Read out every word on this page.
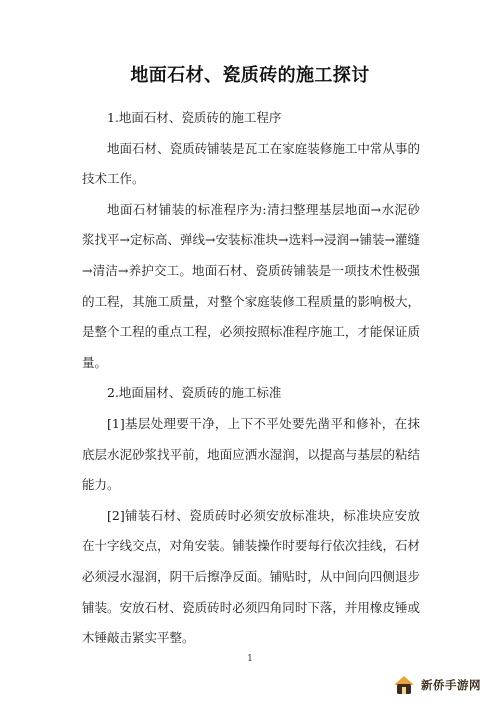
地面石材、瓷质砖的施工探讨

1.地面石材、瓷质砖的施工程序

地面石材、瓷质砖铺装是瓦工在家庭装修施工中常从事的技术工作。

地面石材铺装的标准程序为:清扫整理基层地面→水泥砂浆找平→定标高、弹线→安装标准块→选料→浸润→铺装→灌缝→清洁→养护交工。地面石材、瓷质砖铺装是一项技术性极强的工程，其施工质量，对整个家庭装修工程质量的影响极大，是整个工程的重点工程，必须按照标准程序施工，才能保证质量。

2.地面届材、瓷质砖的施工标准

[1]基层处理要干净，上下不平处要先凿平和修补，在抹底层水泥砂浆找平前，地面应洒水湿润，以提高与基层的粘结能力。

[2]铺装石材、瓷质砖时必须安放标准块，标准块应安放在十字线交点，对角安装。铺装操作时要每行依次挂线，石材必须浸水湿润，阴干后擦净反面。铺贴时，从中间向四侧退步铺装。安放石材、瓷质砖时必须四角同时下落，并用橡皮锤或木锤敲击紧实平整。

1
新侨手游网
